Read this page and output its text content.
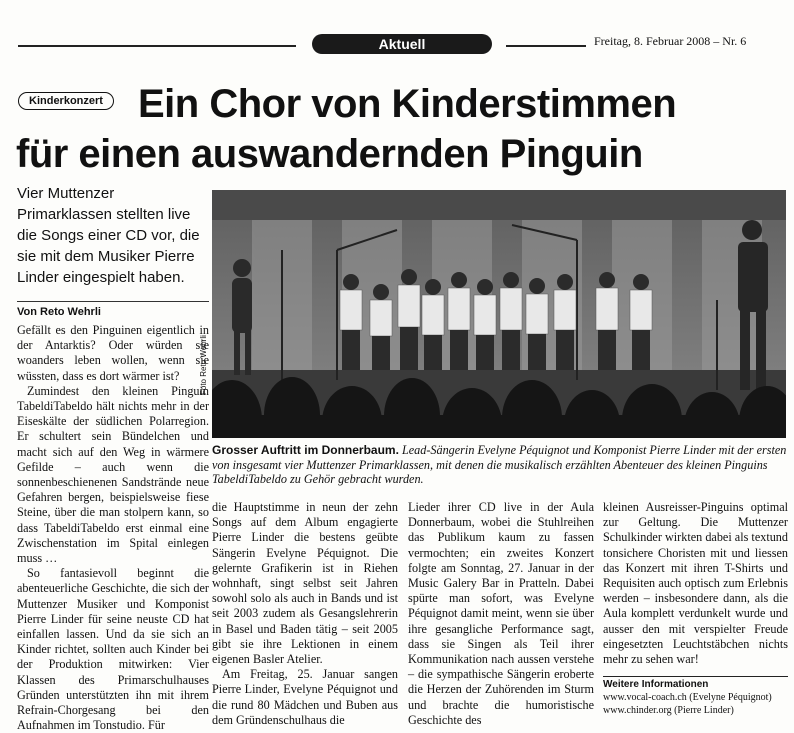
Aktuell	Freitag, 8. Februar 2008 – Nr. 6
Kinderkonzert Ein Chor von Kinderstimmen
für einen auswandernden Pinguin
Vier Muttenzer Primarklassen stellten live die Songs einer CD vor, die sie mit dem Musiker Pierre Linder eingespielt haben.
Von Reto Wehrli

Gefällt es den Pinguinen eigentlich in der Antarktis? Oder würden sie woanders leben wollen, wenn sie wüssten, dass es dort wärmer ist?

Zumindest den kleinen Pinguin TabeldiTabeldo hält nichts mehr in der Eiseskälte der südlichen Polarregion. Er schultert sein Bündelchen und macht sich auf den Weg in wärmere Gefilde – auch wenn die sonnenbeschienenen Sandstrände neue Gefahren bergen, beispielsweise fiese Steine, über die man stolpern kann, so dass TabeldiTabeldo erst einmal eine Zwischenstation im Spital einlegen muss …

So fantasievoll beginnt die abenteuerliche Geschichte, die sich der Muttenzer Musiker und Komponist Pierre Linder für seine neuste CD hat einfallen lassen. Und da sie sich an Kinder richtet, sollten auch Kinder bei der Produktion mitwirken: Vier Klassen des Primarschulhauses Gründen unterstützten ihn mit ihrem Refrain-Chorgesang bei den Aufnahmen im Tonstudio. Für

Foto Reto Wehrli
Grosser Auftritt im Donnerbaum. Lead-Sängerin Evelyne Péquignot und Komponist Pierre Linder mit der ersten von insgesamt vier Muttenzer Primarklassen, mit denen die musikalisch erzählten Abenteuer des kleinen Pinguins TabeldiTabeldo zu Gehör gebracht wurden.

die Hauptstimme in neun der zehn Songs auf dem Album engagierte Pierre Linder die bestens geübte Sängerin Evelyne Péquignot. Die gelernte Grafikerin ist in Riehen wohnhaft, singt selbst seit Jahren sowohl solo als auch in Bands und ist seit 2003 zudem als Gesangslehrerin in Basel und Baden tätig – seit 2005 gibt sie ihre Lektionen in einem eigenen Basler Atelier.

Am Freitag, 25. Januar sangen Pierre Linder, Evelyne Péquignot und die rund 80 Mädchen und Buben aus dem Gründenschulhaus die

Lieder ihrer CD live in der Aula Donnerbaum, wobei die Stuhlreihen das Publikum kaum zu fassen vermochten; ein zweites Konzert folgte am Sonntag, 27. Januar in der Music Galery Bar in Pratteln. Dabei spürte man sofort, was Evelyne Péquignot damit meint, wenn sie über ihre gesangliche Performance sagt, dass sie Singen als Teil ihrer Kommunikation nach aussen verstehe – die sympathische Sängerin eroberte die Herzen der Zuhörenden im Sturm und brachte die humoristische Geschichte des

kleinen Ausreisser-Pinguins optimal zur Geltung. Die Muttenzer Schulkinder wirkten dabei als textund tonsichere Choristen mit und liessen das Konzert mit ihren T-Shirts und Requisiten auch optisch zum Erlebnis werden – insbesondere dann, als die Aula komplett verdunkelt wurde und ausser den mit verspielter Freude eingesetzten Leuchtstäbchen nichts mehr zu sehen war!

Weitere Informationen
www.vocal-coach.ch (Evelyne Péquignot)
www.chinder.org (Pierre Linder)
